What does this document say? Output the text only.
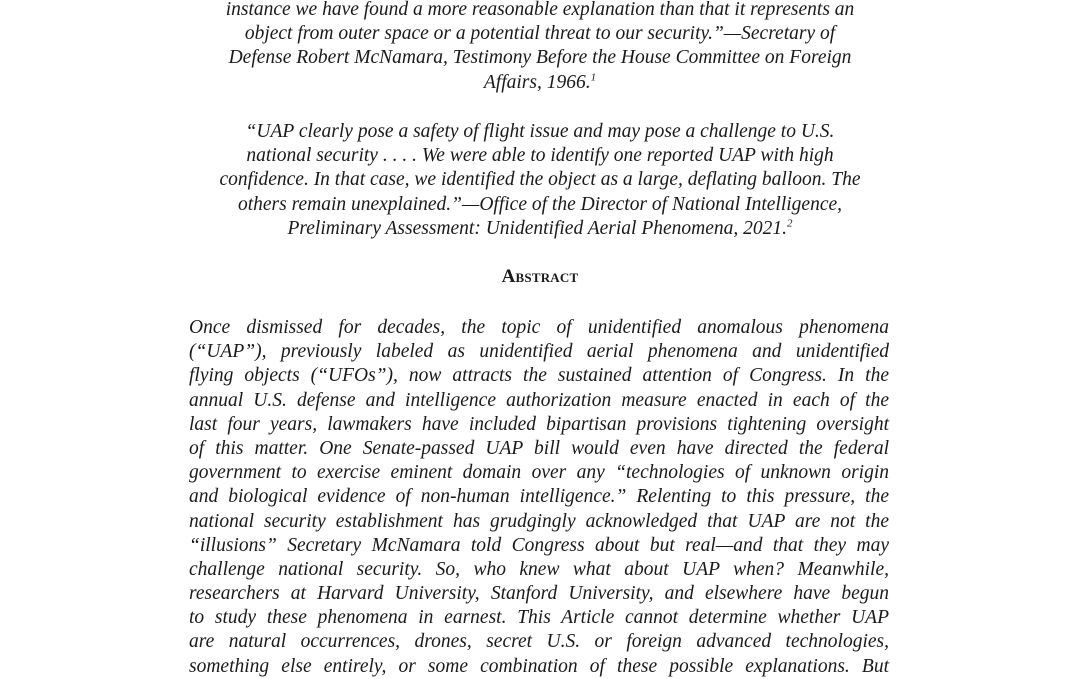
instance we have found a more reasonable explanation than that it represents an
object from outer space or a potential threat to our security.”—Secretary of
Defense Robert McNamara, Testimony Before the House Committee on Foreign
Affairs, 1966.$^1$
“UAP clearly pose a safety of flight issue and may pose a challenge to U.S.
national security . . . . We were able to identify one reported UAP with high
confidence. In that case, we identified the object as a large, deflating balloon. The
others remain unexplained.”—Office of the Director of National Intelligence,
Preliminary Assessment: Unidentified Aerial Phenomena, 2021.$^2$
Abstract
Once dismissed for decades, the topic of unidentified anomalous phenomena
(“UAP”), previously labeled as unidentified aerial phenomena and unidentified
flying objects (“UFOs”), now attracts the sustained attention of Congress. In the
annual U.S. defense and intelligence authorization measure enacted in each of the
last four years, lawmakers have included bipartisan provisions tightening oversight
of this matter. One Senate-passed UAP bill would even have directed the federal
government to exercise eminent domain over any “technologies of unknown origin
and biological evidence of non-human intelligence.” Relenting to this pressure, the
national security establishment has grudgingly acknowledged that UAP are not the
“illusions” Secretary McNamara told Congress about but real—and that they may
challenge national security. So, who knew what about UAP when? Meanwhile,
researchers at Harvard University, Stanford University, and elsewhere have begun
to study these phenomena in earnest. This Article cannot determine whether UAP
are natural occurrences, drones, secret U.S. or foreign advanced technologies,
something else entirely, or some combination of these possible explanations. But
